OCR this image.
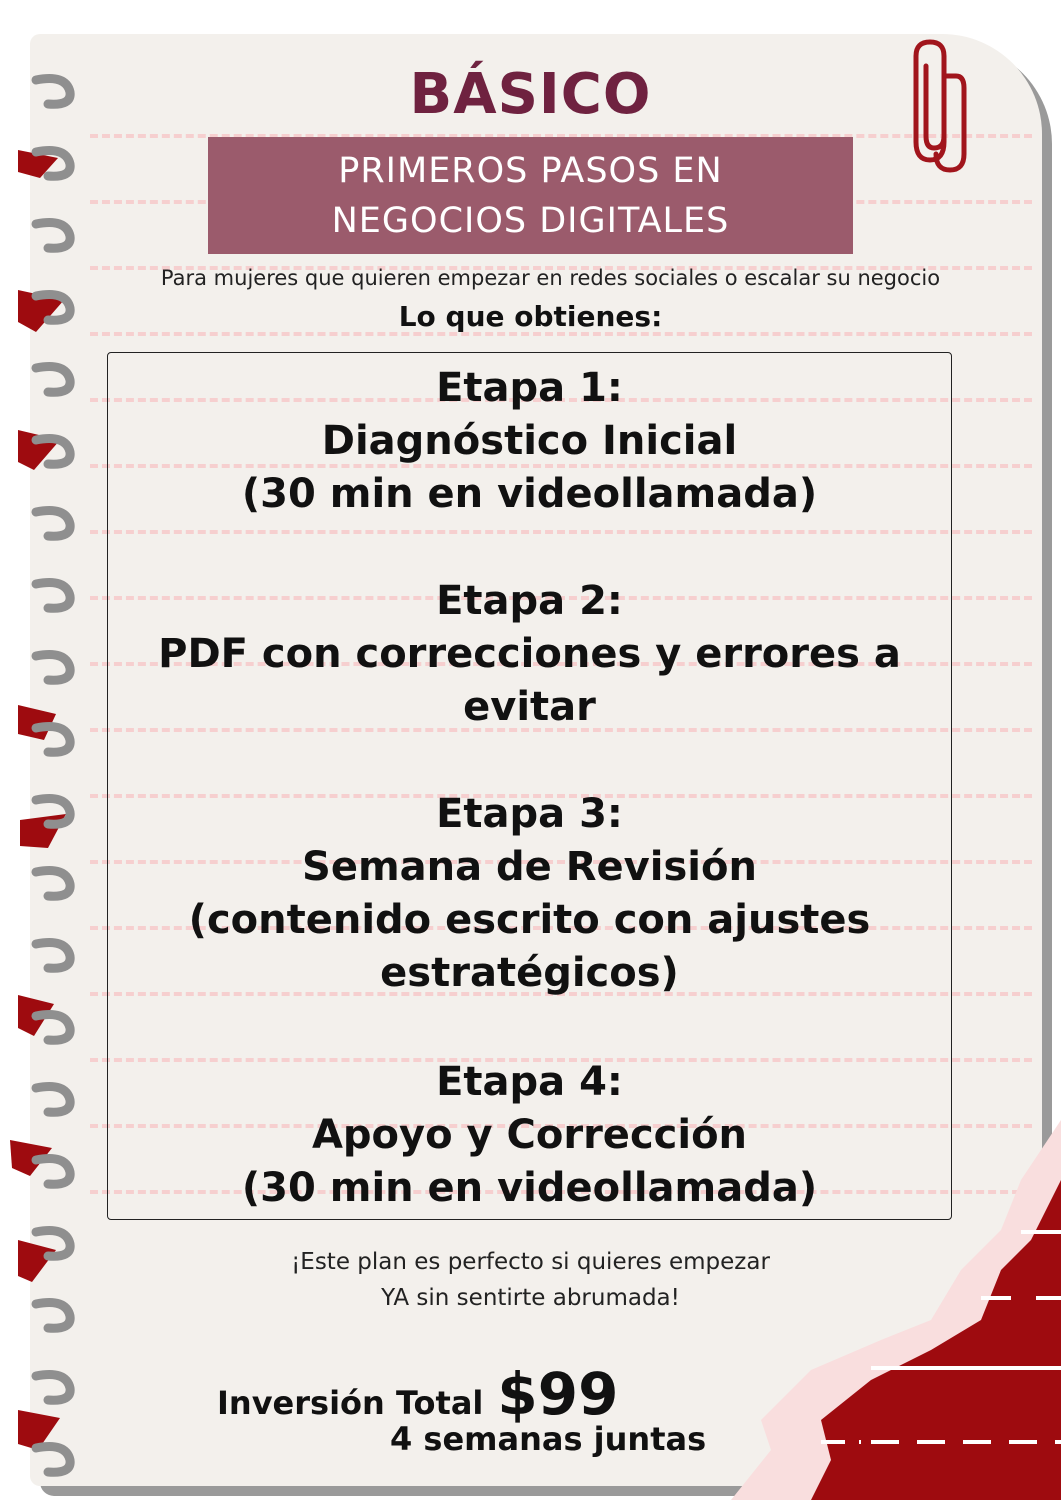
BÁSICO
PRIMEROS PASOS EN
NEGOCIOS DIGITALES
Para mujeres que quieren empezar en redes sociales o escalar su negocio
Lo que obtienes:
Etapa 1:
Diagnóstico Inicial
(30 min en videollamada)
Etapa 2:
PDF con correcciones y errores a
evitar
Etapa 3:
Semana de Revisión
(contenido escrito con ajustes
estratégicos)
Etapa 4:
Apoyo y Corrección
(30 min en videollamada)
¡Este plan es perfecto si quieres empezar
YA sin sentirte abrumada!
Inversión Total $99
4 semanas juntas
